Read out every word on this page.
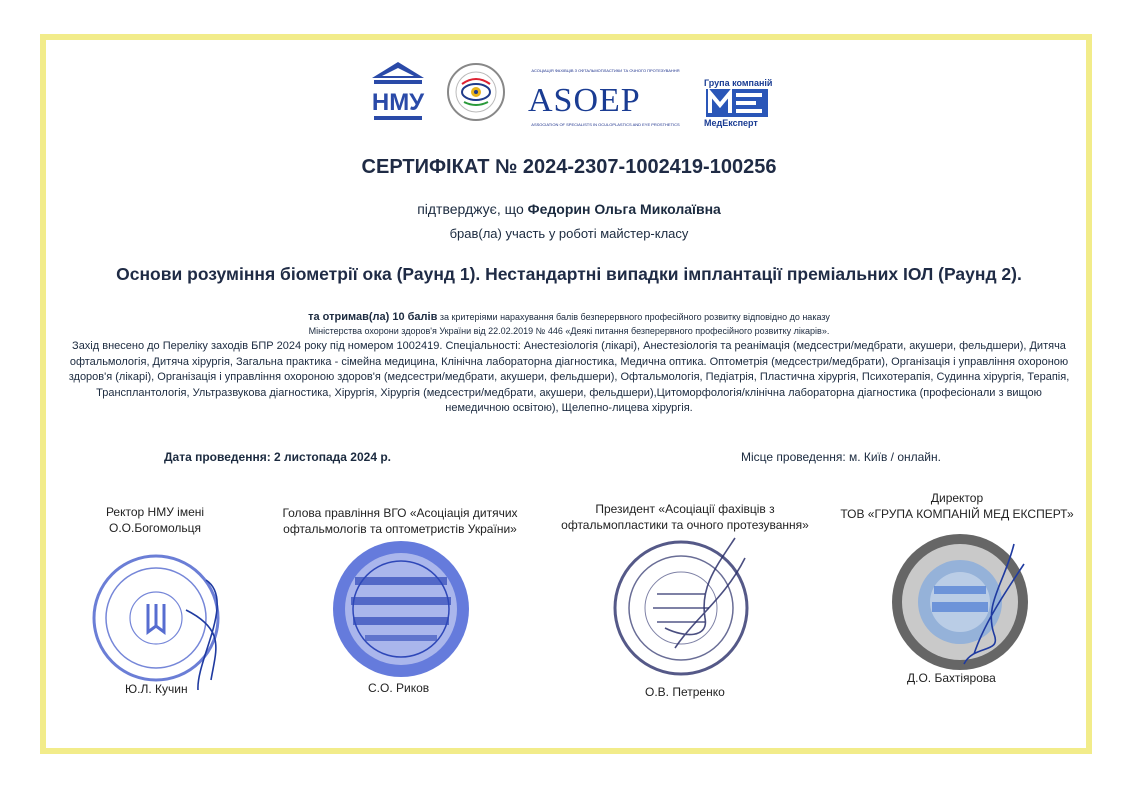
НМУ
АСОЦІАЦІЯ ФАХІВЦІВ З ОФТАЛЬМОПЛАСТИКИ ТА ОЧНОГО ПРОТЕЗУВАННЯ
ASOEP
ASSOCIATION OF SPECIALISTS IN OCULOPLASTICS AND EYE PROSTHETICS
Група компаній
МедЕксперт
СЕРТИФІКАТ № 2024-2307-1002419-100256
підтверджує, що Федорин Ольга Миколаївна
брав(ла) участь у роботі майстер-класу
Основи розуміння біометрії ока (Раунд 1). Нестандартні випадки імплантації преміальних ІОЛ (Раунд 2).
та отримав(ла) 10 балів за критеріями нарахування балів безперервного професійного розвитку відповідно до наказу
Міністерства охорони здоров'я України від 22.02.2019 № 446 «Деякі питання безперервного професійного розвитку лікарів».
Захід внесено до Переліку заходів БПР 2024 року під номером 1002419. Спеціальності: Анестезіологія (лікарі), Анестезіологія та реанімація (медсестри/медбрати, акушери, фельдшери), Дитяча офтальмологія, Дитяча хірургія, Загальна практика - сімейна медицина, Клінічна лабораторна діагностика, Медична оптика. Оптометрія (медсестри/медбрати), Організація і управління охороною здоров'я (лікарі), Організація і управління охороною здоров'я (медсестри/медбрати, акушери, фельдшери), Офтальмологія, Педіатрія, Пластична хірургія, Психотерапія, Судинна хірургія, Терапія, Трансплантологія, Ультразвукова діагностика, Хірургія, Хірургія (медсестри/медбрати, акушери, фельдшери),Цитоморфологія/клінічна лабораторна діагностика (професіонали з вищою немедичною освітою), Щелепно-лицева хірургія.
Дата проведення: 2 листопада 2024 р.	Місце проведення: м. Київ / онлайн.
Ректор НМУ імені О.О.Богомольця
Ю.Л. Кучин
Голова правління ВГО «Асоціація дитячих офтальмологів та оптометристів України»
С.О. Риков
Президент «Асоціації фахівців з офтальмопластики та очного протезування»
О.В. Петренко
Директор
ТОВ «ГРУПА КОМПАНІЙ МЕД ЕКСПЕРТ»
Д.О. Бахтіярова
